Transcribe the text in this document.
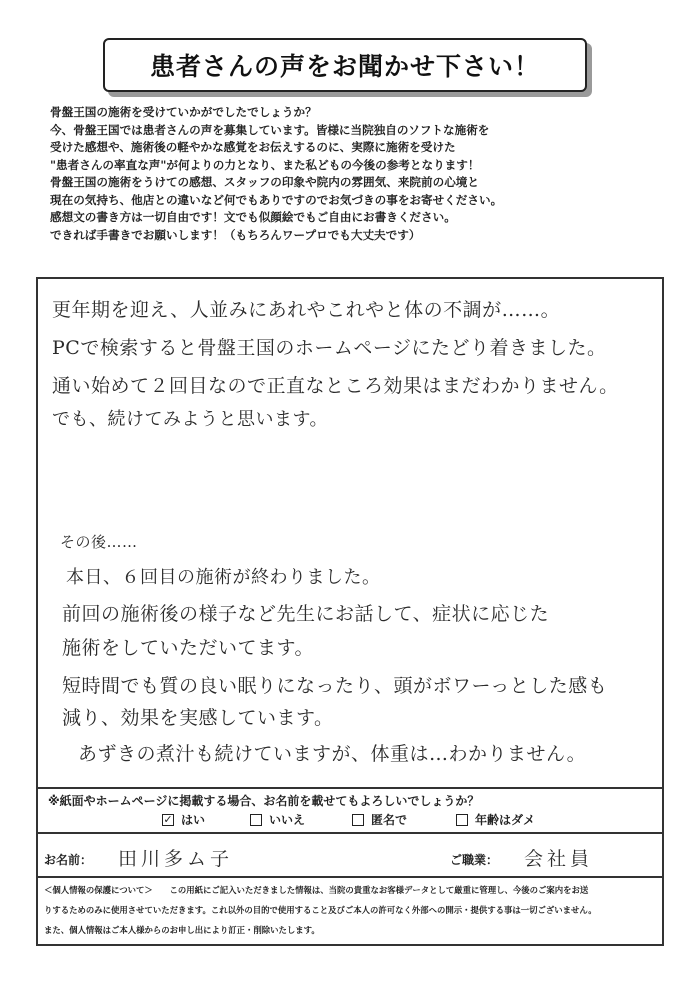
患者さんの声をお聞かせ下さい！
骨盤王国の施術を受けていかがでしたでしょうか？
今、骨盤王国では患者さんの声を募集しています。皆様に当院独自のソフトな施術を
受けた感想や、施術後の軽やかな感覚をお伝えするのに、実際に施術を受けた
"患者さんの率直な声"が何よりの力となり、また私どもの今後の参考となります！
骨盤王国の施術をうけての感想、スタッフの印象や院内の雰囲気、来院前の心境と
現在の気持ち、他店との違いなど何でもありですのでお気づきの事をお寄せください。
感想文の書き方は一切自由です！文でも似顔絵でもご自由にお書きください。
できれば手書きでお願いします！（もちろんワープロでも大丈夫です）
更年期を迎え、人並みにあれやこれやと体の不調が……。
PCで検索すると骨盤王国のホームページにたどり着きました。
通い始めて２回目なので正直なところ効果はまだわかりません。
でも、続けてみようと思います。
その後……
本日、６回目の施術が終わりました。
前回の施術後の様子など先生にお話して、症状に応じた
施術をしていただいてます。
短時間でも質の良い眠りになったり、頭がボワーっとした感も
減り、効果を実感しています。
あずきの煮汁も続けていますが、体重は…わかりません。
※紙面やホームページに掲載する場合、お名前を載せてもよろしいでしょうか？
✓ はい	いいえ	匿名で	年齢はダメ
お名前： 田川多ム子	ご職業： 会社員
＜個人情報の保護について＞　　この用紙にご記入いただきました情報は、当院の貴重なお客様データとして厳重に管理し、今後のご案内をお送
りするためのみに使用させていただきます。これ以外の目的で使用すること及びご本人の許可なく外部への開示・提供する事は一切ございません。
また、個人情報はご本人様からのお申し出により訂正・削除いたします。
